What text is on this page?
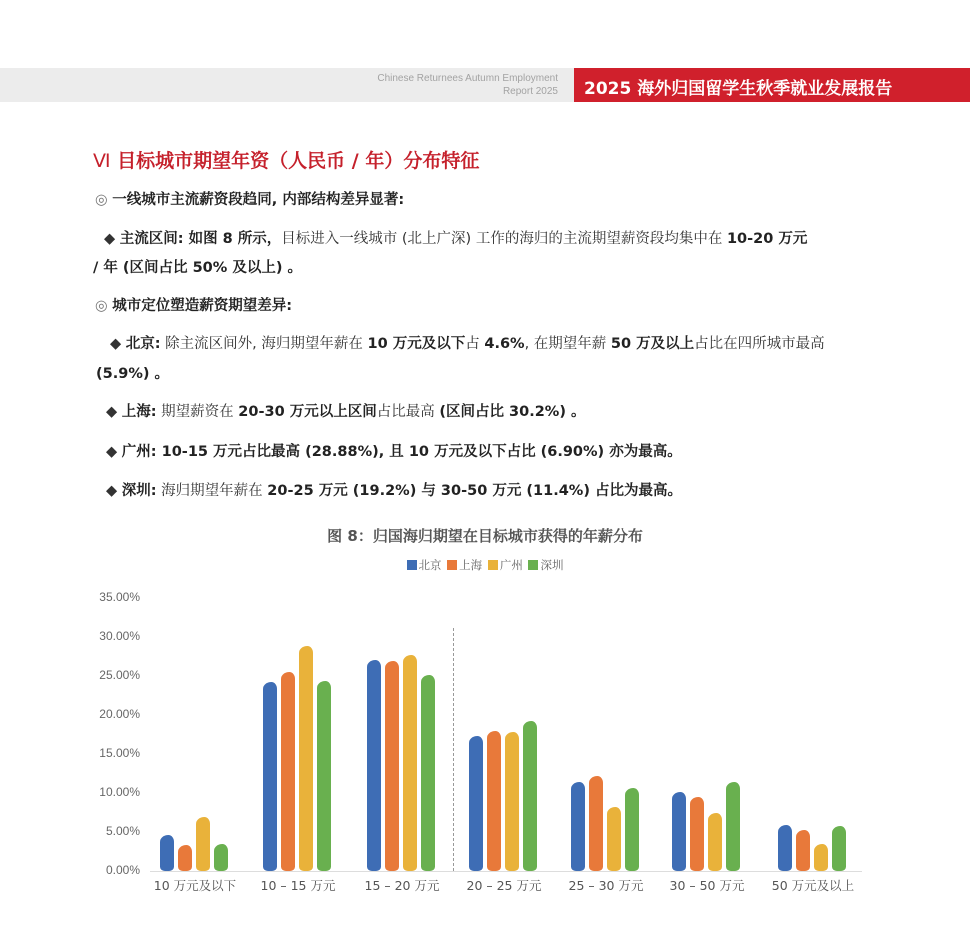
Chinese Returnees Autumn Employment
Report 2025 2025 海外归国留学生秋季就业发展报告
Ⅵ 目标城市期望年资（人民币 / 年）分布特征
◎ 一线城市主流薪资段趋同, 内部结构差异显著:
◆ 主流区间: 如图 8 所示，目标进入一线城市 (北上广深) 工作的海归的主流期望薪资段均集中在 10-20 万元
/ 年 (区间占比 50% 及以上) 。
◎ 城市定位塑造薪资期望差异:
◆ 北京: 除主流区间外, 海归期望年薪在 10 万元及以下占 4.6%, 在期望年薪 50 万及以上占比在四所城市最高
(5.9%) 。
◆ 上海: 期望薪资在 20-30 万元以上区间占比最高 (区间占比 30.2%) 。
◆ 广州: 10-15 万元占比最高 (28.88%), 且 10 万元及以下占比 (6.90%) 亦为最高。
◆ 深圳: 海归期望年薪在 20-25 万元 (19.2%) 与 30-50 万元 (11.4%) 占比为最高。
图 8：归国海归期望在目标城市获得的年薪分布
北京 上海 广州 深圳
0.00%
5.00%
10.00%
15.00%
20.00%
25.00%
30.00%
35.00%
10 万元及以下	10 – 15 万元	15 – 20 万元	20 – 25 万元	25 – 30 万元	30 – 50 万元	50 万元及以上
